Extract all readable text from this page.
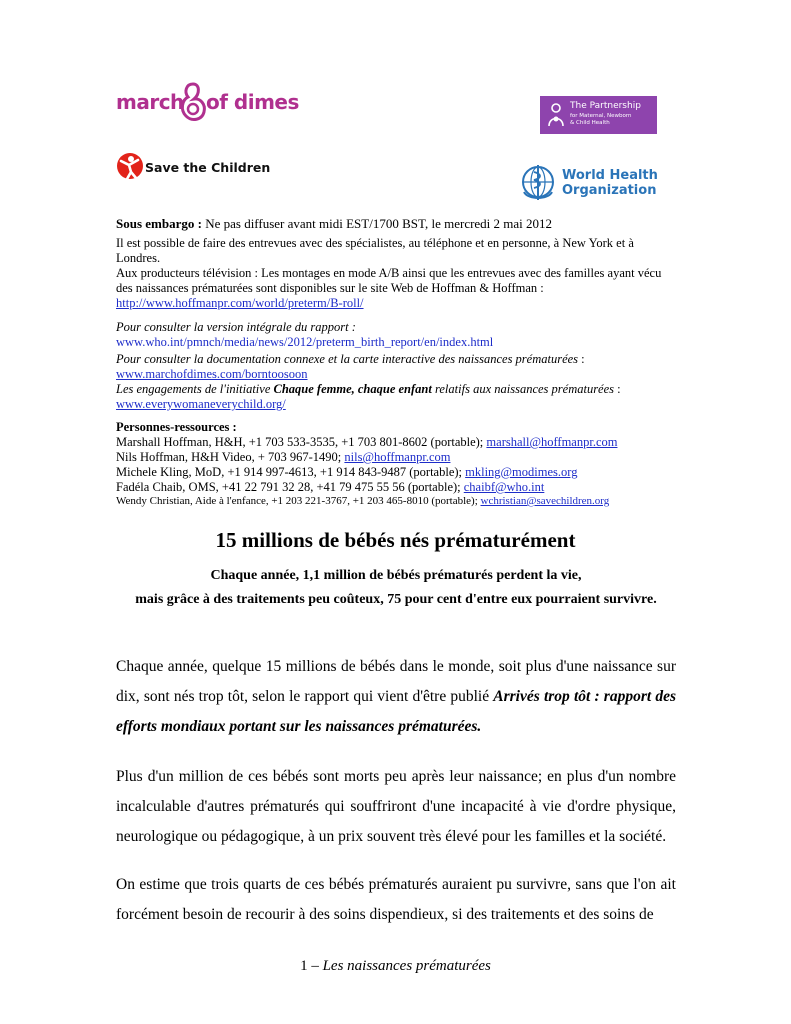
march of dimes	The Partnership
for Maternal, Newborn
& Child Health
Save the Children
World Health
Organization
Sous embargo : Ne pas diffuser avant midi EST/1700 BST, le mercredi 2 mai 2012

Il est possible de faire des entrevues avec des spécialistes, au téléphone et en personne, à New York et à Londres.

Aux producteurs télévision : Les montages en mode A/B ainsi que les entrevues avec des familles ayant vécu des naissances prématurées sont disponibles sur le site Web de Hoffman & Hoffman :

http://www.hoffmanpr.com/world/preterm/B-roll/

Pour consulter la version intégrale du rapport :

www.who.int/pmnch/media/news/2012/preterm_birth_report/en/index.html

Pour consulter la documentation connexe et la carte interactive des naissances prématurées :

www.marchofdimes.com/borntoosoon

Les engagements de l'initiative Chaque femme, chaque enfant relatifs aux naissances prématurées :

www.everywomaneverychild.org/

Personnes-ressources :

Marshall Hoffman, H&H, +1 703 533-3535, +1 703 801-8602 (portable); marshall@hoffmanpr.com

Nils Hoffman, H&H Video, + 703 967-1490; nils@hoffmanpr.com

Michele Kling, MoD, +1 914 997-4613, +1 914 843-9487 (portable); mkling@modimes.org

Fadéla Chaib, OMS, +41 22 791 32 28, +41 79 475 55 56 (portable); chaibf@who.int

Wendy Christian, Aide à l'enfance, +1 203 221-3767, +1 203 465-8010 (portable); wchristian@savechildren.org

15 millions de bébés nés prématurément

Chaque année, 1,1 million de bébés prématurés perdent la vie,

mais grâce à des traitements peu coûteux, 75 pour cent d'entre eux pourraient survivre.

Chaque année, quelque 15 millions de bébés dans le monde, soit plus d'une naissance sur dix, sont nés trop tôt, selon le rapport qui vient d'être publié Arrivés trop tôt : rapport des efforts mondiaux portant sur les naissances prématurées.

Plus d'un million de ces bébés sont morts peu après leur naissance; en plus d'un nombre incalculable d'autres prématurés qui souffriront d'une incapacité à vie d'ordre physique, neurologique ou pédagogique, à un prix souvent très élevé pour les familles et la société.

On estime que trois quarts de ces bébés prématurés auraient pu survivre, sans que l'on ait forcément besoin de recourir à des soins dispendieux, si des traitements et des soins de

1 – Les naissances prématurées
